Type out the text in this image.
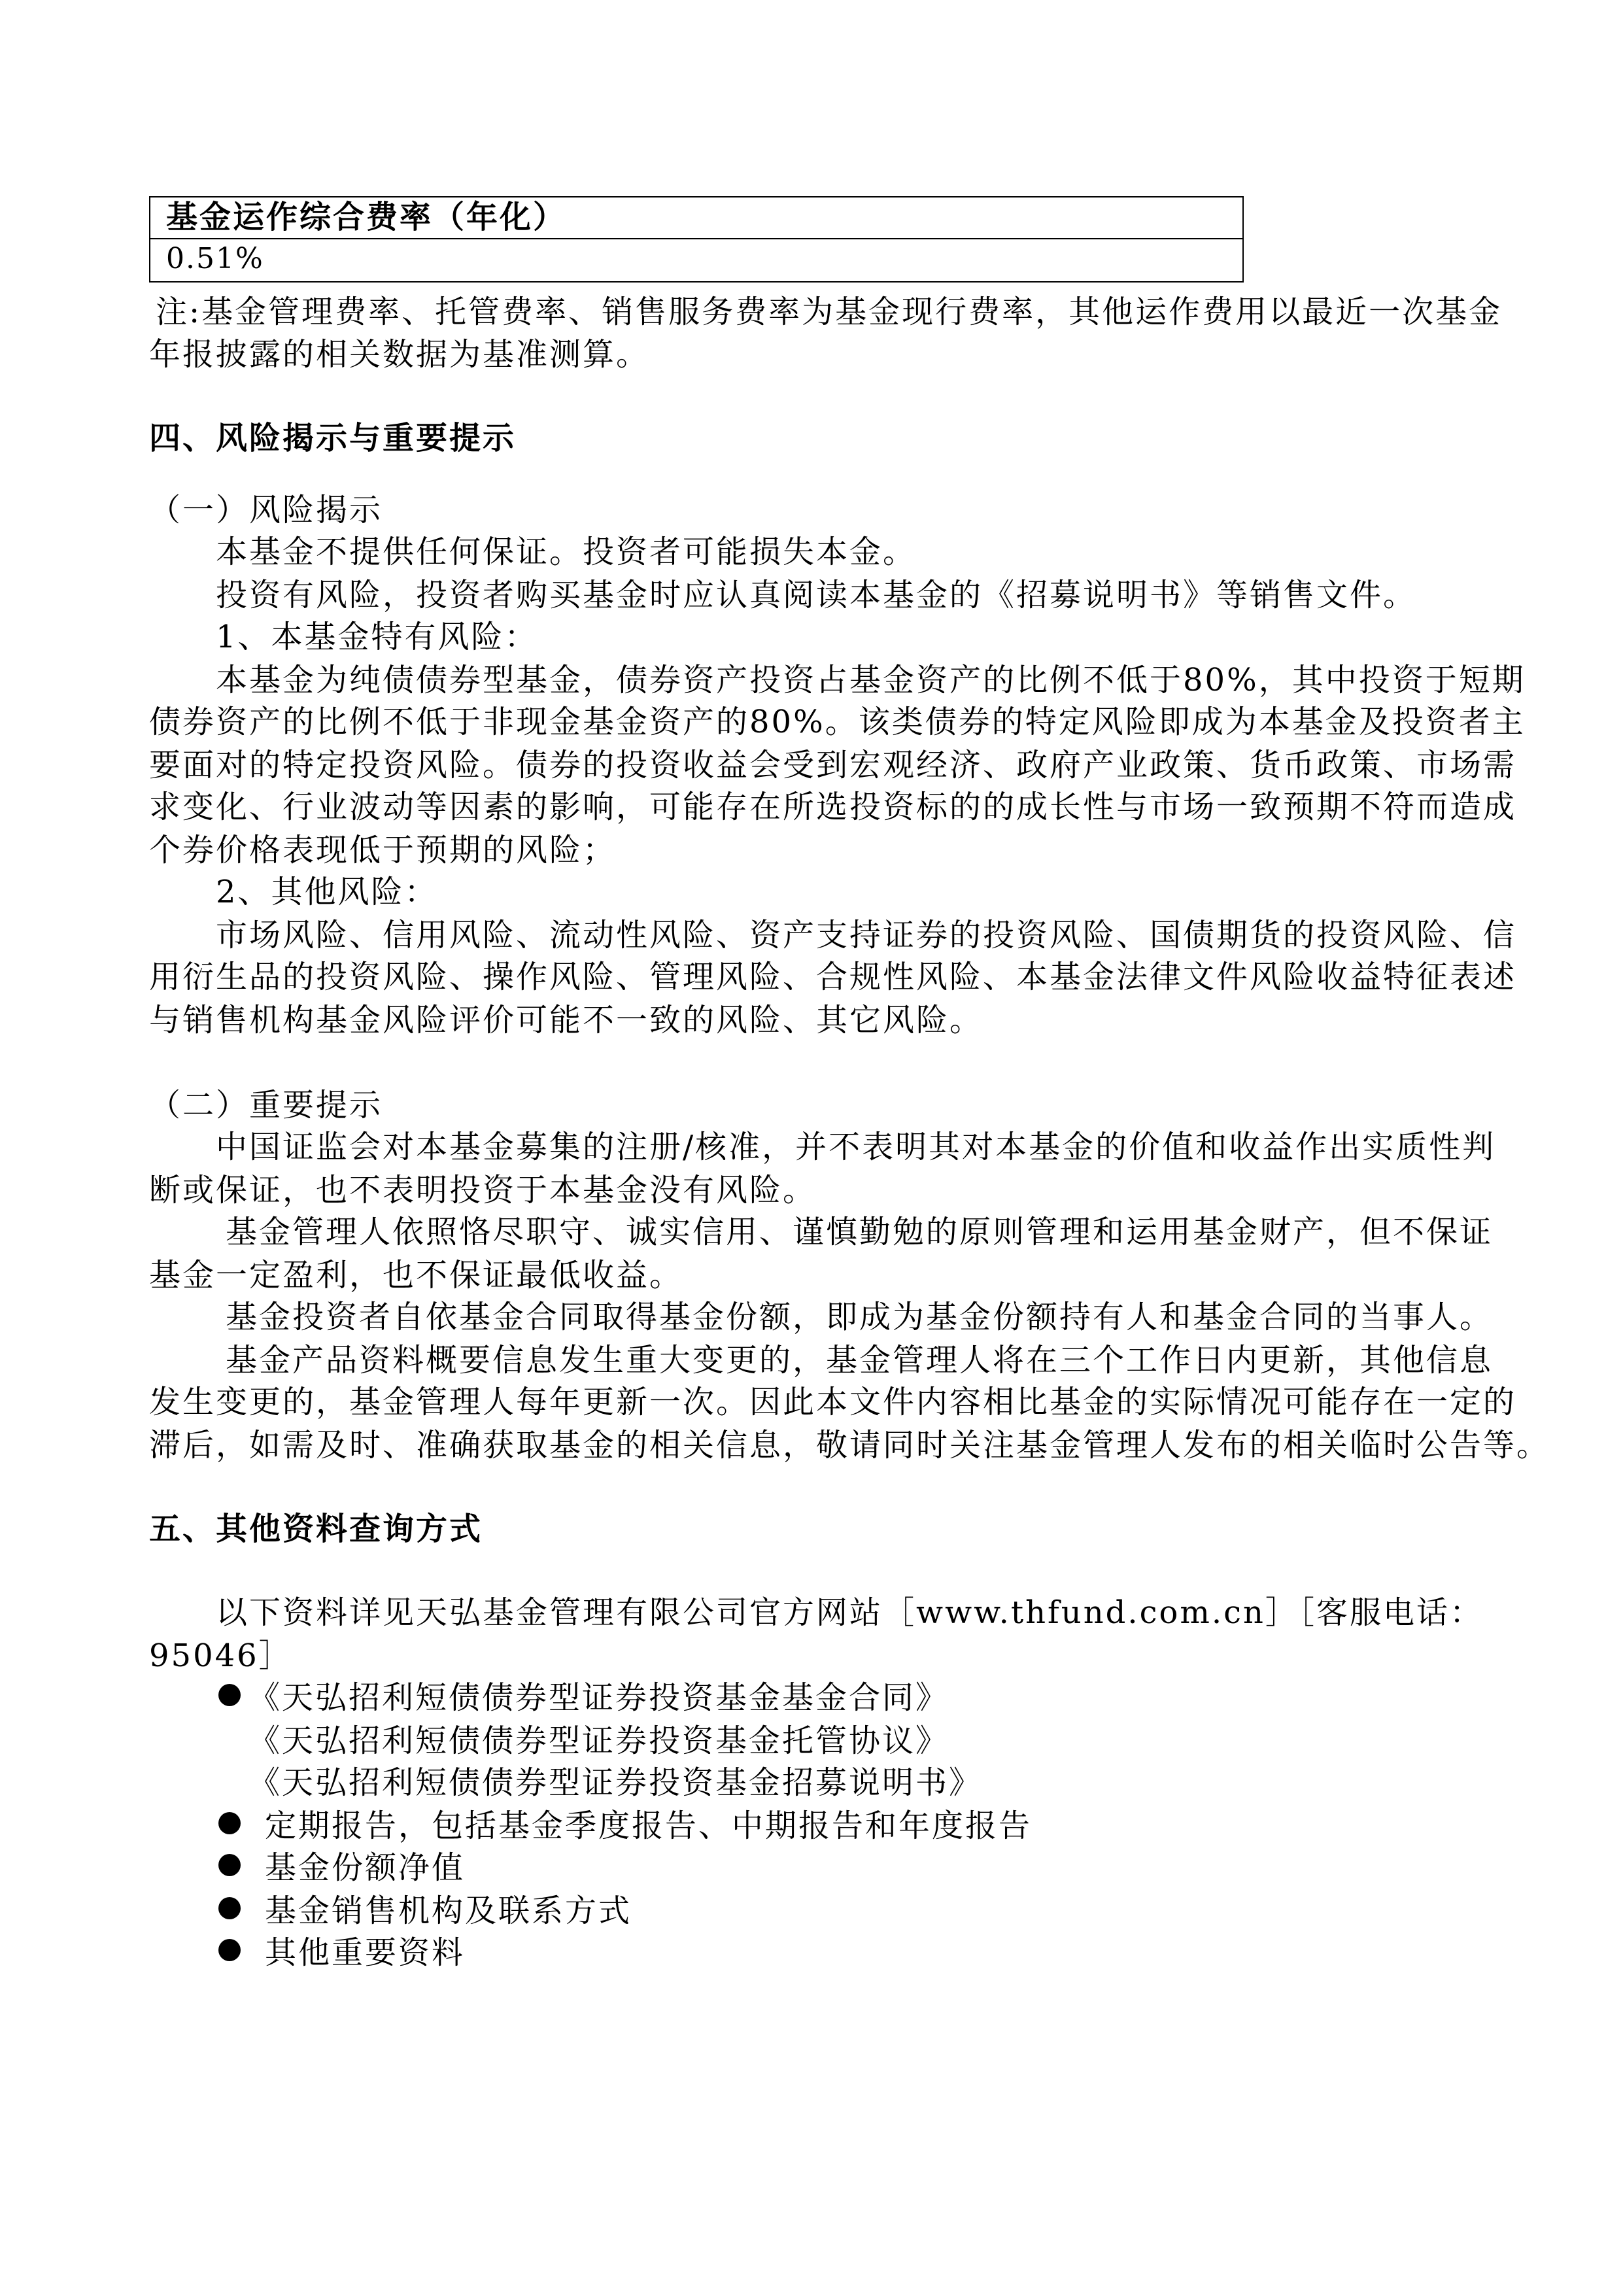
基金运作综合费率（年化）
0.51%
注:基金管理费率、托管费率、销售服务费率为基金现行费率，其他运作费用以最近一次基金
年报披露的相关数据为基准测算。
四、风险揭示与重要提示
（一）风险揭示
本基金不提供任何保证。投资者可能损失本金。
投资有风险，投资者购买基金时应认真阅读本基金的《招募说明书》等销售文件。
1、本基金特有风险：
本基金为纯债债券型基金，债券资产投资占基金资产的比例不低于80%，其中投资于短期
债券资产的比例不低于非现金基金资产的80%。该类债券的特定风险即成为本基金及投资者主
要面对的特定投资风险。债券的投资收益会受到宏观经济、政府产业政策、货币政策、市场需
求变化、行业波动等因素的影响，可能存在所选投资标的的成长性与市场一致预期不符而造成
个券价格表现低于预期的风险；
2、其他风险：
市场风险、信用风险、流动性风险、资产支持证券的投资风险、国债期货的投资风险、信
用衍生品的投资风险、操作风险、管理风险、合规性风险、本基金法律文件风险收益特征表述
与销售机构基金风险评价可能不一致的风险、其它风险。
（二）重要提示
中国证监会对本基金募集的注册/核准，并不表明其对本基金的价值和收益作出实质性判
断或保证，也不表明投资于本基金没有风险。
基金管理人依照恪尽职守、诚实信用、谨慎勤勉的原则管理和运用基金财产，但不保证
基金一定盈利，也不保证最低收益。
基金投资者自依基金合同取得基金份额，即成为基金份额持有人和基金合同的当事人。
基金产品资料概要信息发生重大变更的，基金管理人将在三个工作日内更新，其他信息
发生变更的，基金管理人每年更新一次。因此本文件内容相比基金的实际情况可能存在一定的
滞后，如需及时、准确获取基金的相关信息，敬请同时关注基金管理人发布的相关临时公告等。
五、其他资料查询方式
以下资料详见天弘基金管理有限公司官方网站［www.thfund.com.cn］［客服电话：
95046］
《天弘招利短债债券型证券投资基金基金合同》
《天弘招利短债债券型证券投资基金托管协议》
《天弘招利短债债券型证券投资基金招募说明书》
定期报告，包括基金季度报告、中期报告和年度报告
基金份额净值
基金销售机构及联系方式
其他重要资料
